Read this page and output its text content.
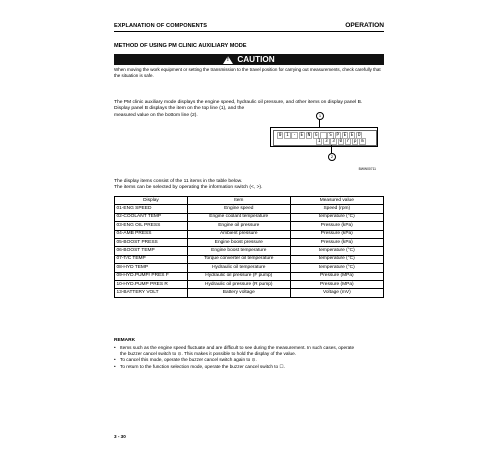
EXPLANATION OF COMPONENTS	OPERATION
METHOD OF USING PM CLINIC AUXILIARY MODE
!
CAUTION
When moving the work equipment or setting the transmission to the travel position for carrying out measurements, check carefully that the situation is safe.
The PM clinic auxiliary mode displays the engine speed, hydraulic oil pressure, and other items on display panel B.
Display panel B displays the item on the top line (1), and the
measured value on the bottom line (2).	1
0	1	-	E	N	G	S	P	E	E	D
1	3	3	0	r	p	m
2
BWW00711
The display items consist of the 11 items in the table below.
The items can be selected by operating the information switch (<, >).
Display	Item	Measured value
01-ENG SPEED	Engine speed	Speed (rpm)
02-COOLANT TEMP	Engine coolant temperature	temperature (°C)
03-ENG OIL PRESS	Engine oil pressure	Pressure (kPa)
04-AMB PRESS	Ambient pressure	Pressure (kPa)
05-BOOST PRESS	Engine boost pressure	Pressure (kPa)
06-BOOST TEMP	Engine boost temperature	temperature (°C)
07-T/C TEMP	Torque converter oil temperature	temperature (°C)
08-HYD TEMP	Hydraulic oil temperature	temperature (°C)
09-HYD.PUMP/ PRES F	Hydraulic oil pressure (F pump)	Pressure (MPa)
10-HYD.PUMP PRES R	Hydraulic oil pressure (R pump)	Pressure (MPa)
13-BATTERY VOLT	Battery voltage	Voltage (mV)
REMARK
• Items such as the engine speed fluctuate and are difficult to see during the measurement. In such cases, operate
the buzzer cancel switch to ⊙. This makes it possible to hold the display of the value.
• To cancel this mode, operate the buzzer cancel switch again to ⊙.
• To return to the function selection mode, operate the buzzer cancel switch to ☐.
3 - 30
